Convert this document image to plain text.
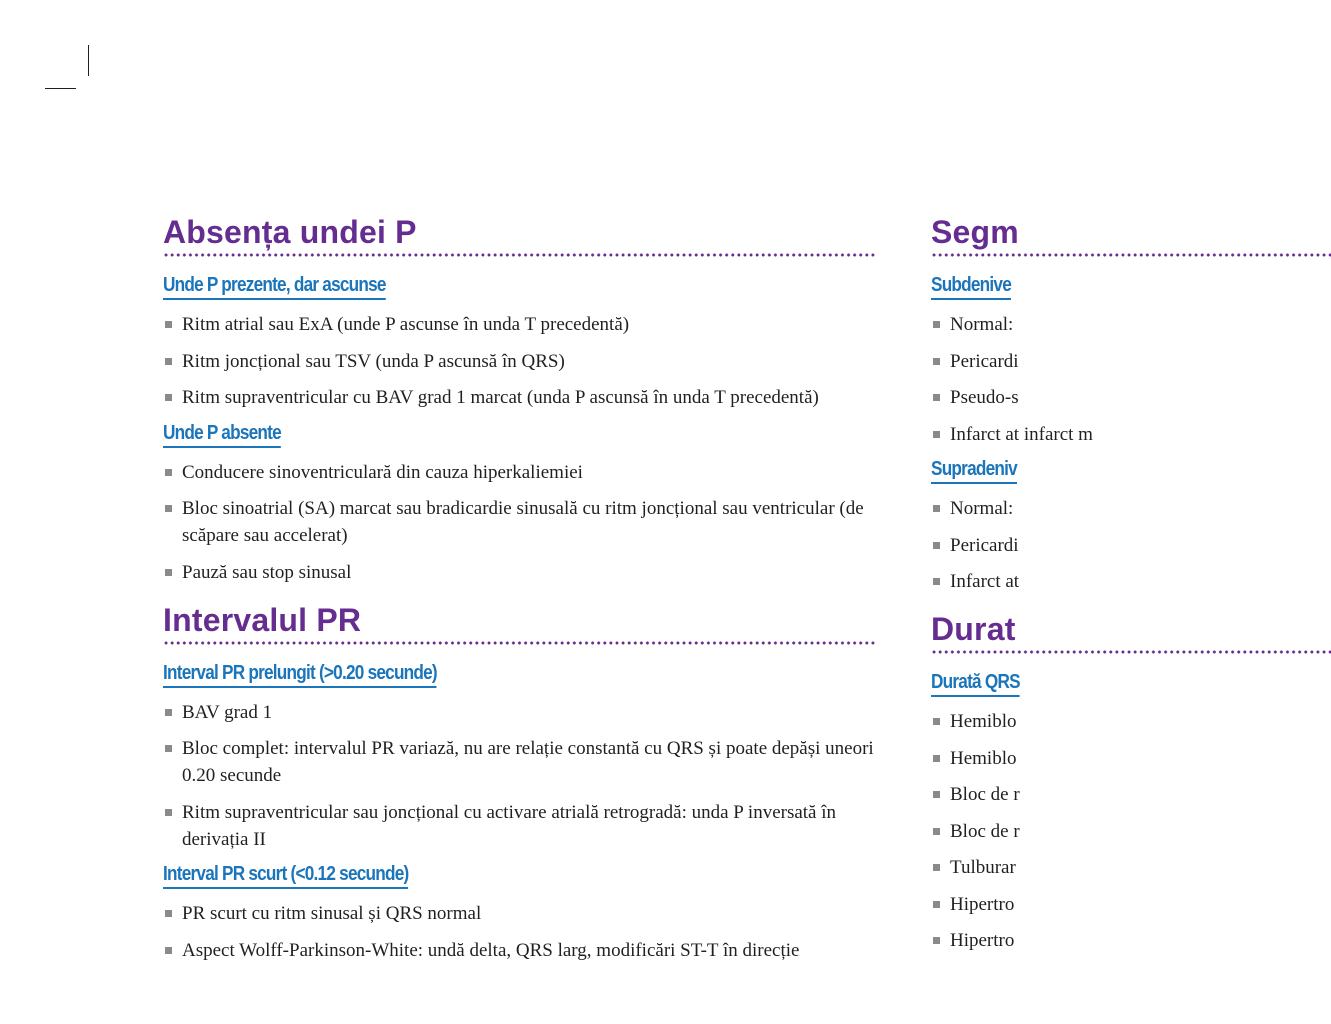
Absența undei P
Unde P prezente, dar ascunse
Ritm atrial sau ExA (unde P ascunse în unda T precedentă)
Ritm joncțional sau TSV (unda P ascunsă în QRS)
Ritm supraventricular cu BAV grad 1 marcat (unda P ascunsă în unda T precedentă)
Unde P absente
Conducere sinoventriculară din cauza hiperkaliemiei
Bloc sinoatrial (SA) marcat sau bradicardie sinusală cu ritm joncțional sau ventricular (de scăpare sau accelerat)
Pauză sau stop sinusal
Intervalul PR
Interval PR prelungit (>0.20 secunde)
BAV grad 1
Bloc complet: intervalul PR variază, nu are relație constantă cu QRS și poate depăși uneori 0.20 secunde
Ritm supraventricular sau joncțional cu activare atrială retrogradă: unda P inversată în derivația II
Interval PR scurt (<0.12 secunde)
PR scurt cu ritm sinusal și QRS normal
Aspect Wolff-Parkinson-White: undă delta, QRS larg, modificări ST-T în direcție
Segm
Subdenive
Normal:
Pericardi
Pseudo-s
Infarct at infarct m
Supradeniv
Normal:
Pericardi
Infarct at
Durat
Durată QRS
Hemiblo
Hemiblo
Bloc de r
Bloc de r
Tulburar
Hipertro
Hipertro
